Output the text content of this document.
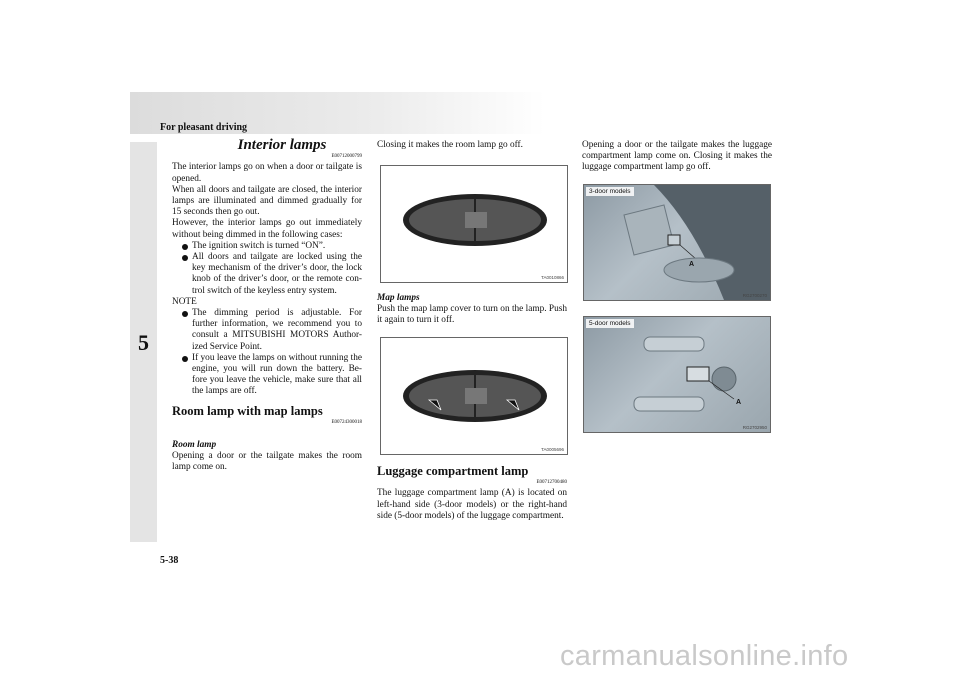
For pleasant driving
5
Interior lamps
E00712000799

The interior lamps go on when a door or tailgate is opened.

When all doors and tailgate are closed, the interior lamps are illuminated and dimmed gradually for 15 seconds then go out.

However, the interior lamps go out immediately without being dimmed in the following cases:

The ignition switch is turned “ON”.
All doors and tailgate are locked using the key mechanism of the driver’s door, the lock knob of the driver’s door, or the remote con-trol switch of the keyless entry system.

NOTE

The dimming period is adjustable. For further information, we recommend you to consult a MITSUBISHI MOTORS Author-ized Service Point.
If you leave the lamps on without running the engine, you will run down the battery. Be-fore you leave the vehicle, make sure that all the lamps are off.
Room lamp with map lamps
E00724300018
Room lamp

Opening a door or the tailgate makes the room lamp come on.

Closing it makes the room lamp go off.

TA0010866
Map lamps

Push the map lamp cover to turn on the lamp. Push it again to turn it off.

TA0005696
Luggage compartment lamp
E00712700480

The luggage compartment lamp (A) is located on left-hand side (3-door models) or the right-hand side (5-door models) of the luggage compartment.

Opening a door or the tailgate makes the luggage compartment lamp come on. Closing it makes the luggage compartment lamp go off.

3-door models
A
RG2700270
5-door models
A
RG2702950
5-38
carmanualsonline.info
